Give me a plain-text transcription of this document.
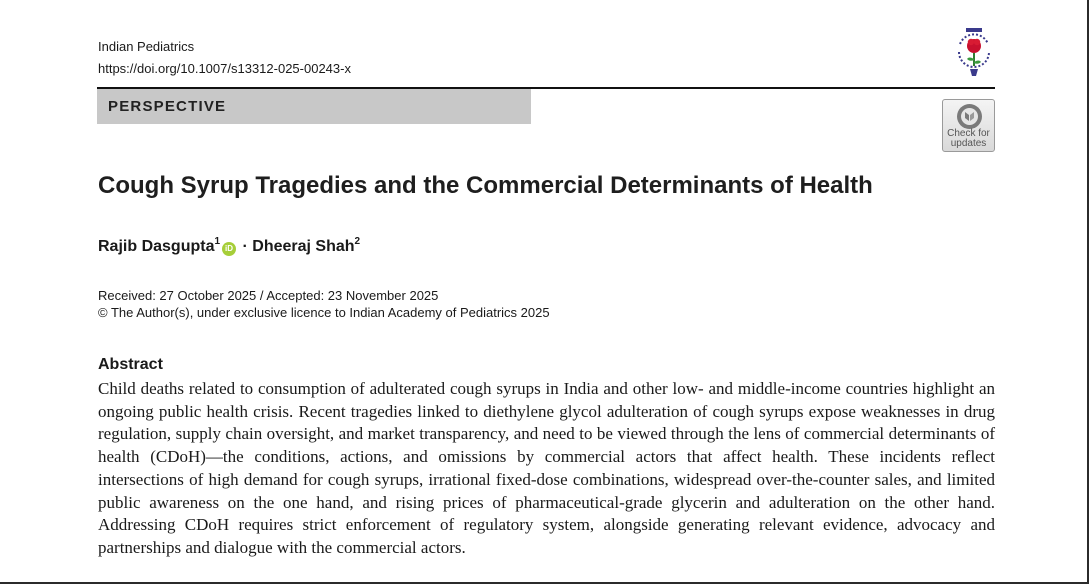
Indian Pediatrics
https://doi.org/10.1007/s13312-025-00243-x
PERSPECTIVE
Check for
updates
Cough Syrup Tragedies and the Commercial Determinants of Health
Rajib Dasgupta$^1$iD · Dheeraj Shah$^2$
Received: 27 October 2025 / Accepted: 23 November 2025
© The Author(s), under exclusive licence to Indian Academy of Pediatrics 2025
Abstract
Child deaths related to consumption of adulterated cough syrups in India and other low- and middle-income countries highlight an ongoing public health crisis. Recent tragedies linked to diethylene glycol adulteration of cough syrups expose weaknesses in drug regulation, supply chain oversight, and market transparency, and need to be viewed through the lens of commercial determinants of health (CDoH)—the conditions, actions, and omissions by commercial actors that affect health. These incidents reflect intersections of high demand for cough syrups, irrational fixed-dose combinations, widespread over-the-counter sales, and limited public awareness on the one hand, and rising prices of pharmaceutical-grade glycerin and adulteration on the other hand. Addressing CDoH requires strict enforcement of regulatory system, alongside generating relevant evidence, advocacy and partnerships and dialogue with the commercial actors.
